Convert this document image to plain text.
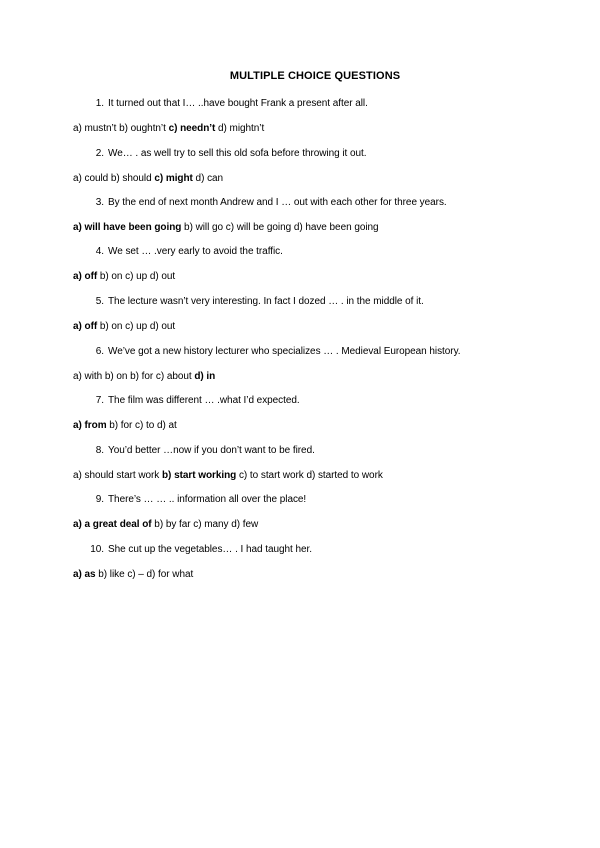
MULTIPLE CHOICE QUESTIONS
1. It turned out that I… ..have bought Frank a present after all.
a) mustn’t b) oughtn’t c) needn’t d) mightn’t
2. We… . as well try to sell this old sofa before throwing it out.
a) could b) should c) might d) can
3. By the end of next month Andrew and I … out with each other for three years.
a) will have been going b) will go c) will be going d) have been going
4. We set … .very early to avoid the traffic.
a) off b) on c) up d) out
5. The lecture wasn’t very interesting. In fact I dozed … . in the middle of it.
a) off b) on c) up d) out
6. We’ve got a new history lecturer who specializes … . Medieval European history.
a) with b) on b) for c) about d) in
7. The film was different … .what I’d expected.
a) from b) for c) to d) at
8. You’d better …now if you don’t want to be fired.
a) should start work b) start working c) to start work d) started to work
9. There’s … … .. information all over the place!
a) a great deal of b) by far c) many d) few
10. She cut up the vegetables… . I had taught her.
a) as b) like c) – d) for what
